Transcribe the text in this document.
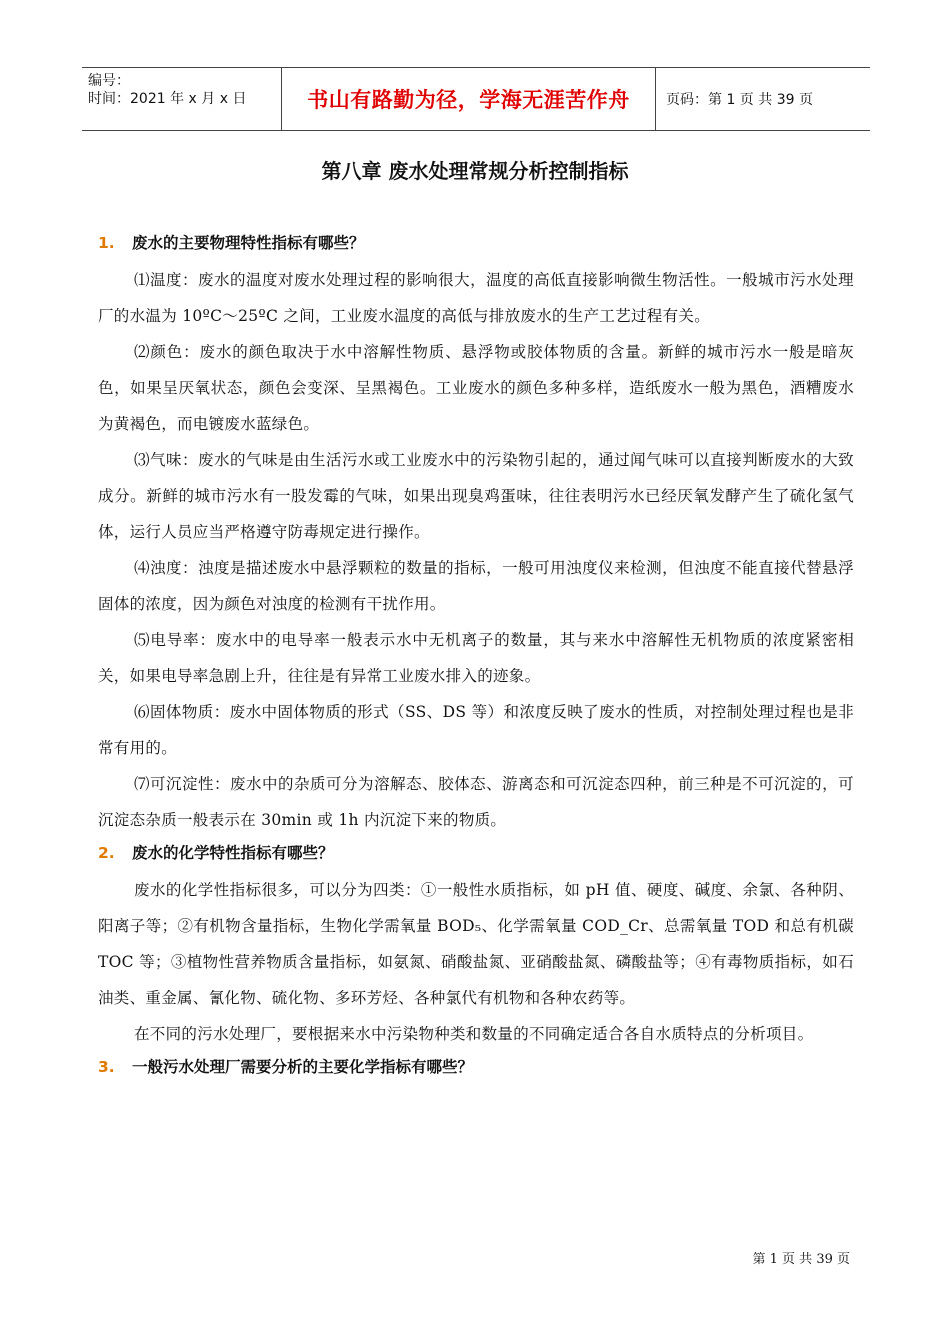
编号：
时间：2021 年 x 月 x 日	书山有路勤为径，学海无涯苦作舟	页码：第 1 页 共 39 页
第八章 废水处理常规分析控制指标
1. 废水的主要物理特性指标有哪些？
⑴温度：废水的温度对废水处理过程的影响很大，温度的高低直接影响微生物活性。一般城市污水处理厂的水温为 10ºC～25ºC 之间，工业废水温度的高低与排放废水的生产工艺过程有关。
⑵颜色：废水的颜色取决于水中溶解性物质、悬浮物或胶体物质的含量。新鲜的城市污水一般是暗灰色，如果呈厌氧状态，颜色会变深、呈黑褐色。工业废水的颜色多种多样，造纸废水一般为黑色，酒糟废水为黄褐色，而电镀废水蓝绿色。
⑶气味：废水的气味是由生活污水或工业废水中的污染物引起的，通过闻气味可以直接判断废水的大致成分。新鲜的城市污水有一股发霉的气味，如果出现臭鸡蛋味，往往表明污水已经厌氧发酵产生了硫化氢气体，运行人员应当严格遵守防毒规定进行操作。
⑷浊度：浊度是描述废水中悬浮颗粒的数量的指标，一般可用浊度仪来检测，但浊度不能直接代替悬浮固体的浓度，因为颜色对浊度的检测有干扰作用。
⑸电导率：废水中的电导率一般表示水中无机离子的数量，其与来水中溶解性无机物质的浓度紧密相关，如果电导率急剧上升，往往是有异常工业废水排入的迹象。
⑹固体物质：废水中固体物质的形式（SS、DS 等）和浓度反映了废水的性质，对控制处理过程也是非常有用的。
⑺可沉淀性：废水中的杂质可分为溶解态、胶体态、游离态和可沉淀态四种，前三种是不可沉淀的，可沉淀态杂质一般表示在 30min 或 1h 内沉淀下来的物质。
2. 废水的化学特性指标有哪些？
废水的化学性指标很多，可以分为四类：①一般性水质指标，如 pH 值、硬度、碱度、余氯、各种阴、阳离子等；②有机物含量指标，生物化学需氧量 BOD₅、化学需氧量 COD_Cr、总需氧量 TOD 和总有机碳 TOC 等；③植物性营养物质含量指标，如氨氮、硝酸盐氮、亚硝酸盐氮、磷酸盐等；④有毒物质指标，如石油类、重金属、氰化物、硫化物、多环芳烃、各种氯代有机物和各种农药等。
在不同的污水处理厂，要根据来水中污染物种类和数量的不同确定适合各自水质特点的分析项目。
3. 一般污水处理厂需要分析的主要化学指标有哪些？
第 1 页 共 39 页
